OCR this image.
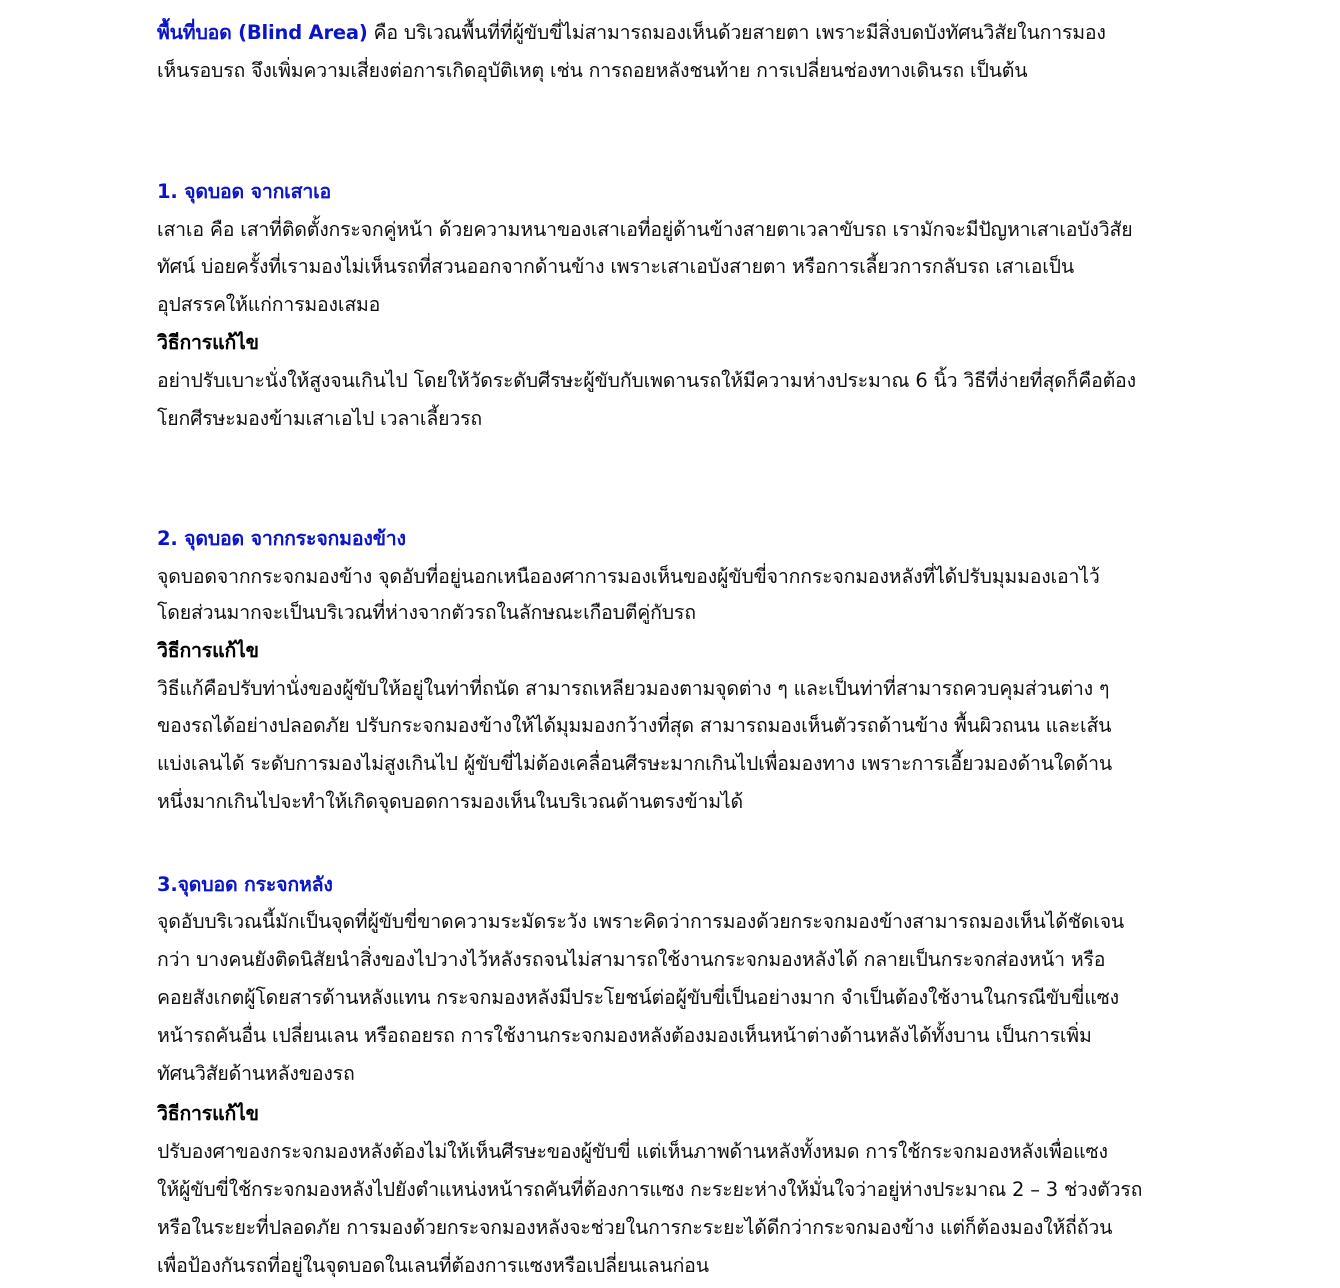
พื้นที่บอด (Blind Area) คือ บริเวณพื้นที่ที่ผู้ขับขี่ไม่สามารถมองเห็นด้วยสายตา เพราะมีสิ่งบดบังทัศนวิสัยในการมอง
เห็นรอบรถ จึงเพิ่มความเสี่ยงต่อการเกิดอุบัติเหตุ เช่น การถอยหลังชนท้าย การเปลี่ยนช่องทางเดินรถ เป็นต้น
1. จุดบอด จากเสาเอ
เสาเอ คือ เสาที่ติดตั้งกระจกคู่หน้า ด้วยความหนาของเสาเอที่อยู่ด้านข้างสายตาเวลาขับรถ เรามักจะมีปัญหาเสาเอบังวิสัย
ทัศน์ บ่อยครั้งที่เรามองไม่เห็นรถที่สวนออกจากด้านข้าง เพราะเสาเอบังสายตา หรือการเลี้ยวการกลับรถ เสาเอเป็น
อุปสรรคให้แก่การมองเสมอ
วิธีการแก้ไข
อย่าปรับเบาะนั่งให้สูงจนเกินไป โดยให้วัดระดับศีรษะผู้ขับกับเพดานรถให้มีความห่างประมาณ 6 นิ้ว วิธีที่ง่ายที่สุดก็คือต้อง
โยกศีรษะมองข้ามเสาเอไป เวลาเลี้ยวรถ
2. จุดบอด จากกระจกมองข้าง
จุดบอดจากกระจกมองข้าง จุดอับที่อยู่นอกเหนือองศาการมองเห็นของผู้ขับขี่จากกระจกมองหลังที่ได้ปรับมุมมองเอาไว้
โดยส่วนมากจะเป็นบริเวณที่ห่างจากตัวรถในลักษณะเกือบตีคู่กับรถ
วิธีการแก้ไข
วิธีแก้คือปรับท่านั่งของผู้ขับให้อยู่ในท่าที่ถนัด สามารถเหลียวมองตามจุดต่าง ๆ และเป็นท่าที่สามารถควบคุมส่วนต่าง ๆ
ของรถได้อย่างปลอดภัย ปรับกระจกมองข้างให้ได้มุมมองกว้างที่สุด สามารถมองเห็นตัวรถด้านข้าง พื้นผิวถนน และเส้น
แบ่งเลนได้ ระดับการมองไม่สูงเกินไป ผู้ขับขี่ไม่ต้องเคลื่อนศีรษะมากเกินไปเพื่อมองทาง เพราะการเอี้ยวมองด้านใดด้าน
หนึ่งมากเกินไปจะทำให้เกิดจุดบอดการมองเห็นในบริเวณด้านตรงข้ามได้
3.จุดบอด กระจกหลัง
จุดอับบริเวณนี้มักเป็นจุดที่ผู้ขับขี่ขาดความระมัดระวัง เพราะคิดว่าการมองด้วยกระจกมองข้างสามารถมองเห็นได้ชัดเจน
กว่า บางคนยังติดนิสัยนำสิ่งของไปวางไว้หลังรถจนไม่สามารถใช้งานกระจกมองหลังได้ กลายเป็นกระจกส่องหน้า หรือ
คอยสังเกตผู้โดยสารด้านหลังแทน กระจกมองหลังมีประโยชน์ต่อผู้ขับขี่เป็นอย่างมาก จำเป็นต้องใช้งานในกรณีขับขี่แซง
หน้ารถคันอื่น เปลี่ยนเลน หรือถอยรถ การใช้งานกระจกมองหลังต้องมองเห็นหน้าต่างด้านหลังได้ทั้งบาน เป็นการเพิ่ม
ทัศนวิสัยด้านหลังของรถ
วิธีการแก้ไข
ปรับองศาของกระจกมองหลังต้องไม่ให้เห็นศีรษะของผู้ขับขี่ แต่เห็นภาพด้านหลังทั้งหมด การใช้กระจกมองหลังเพื่อแซง
ให้ผู้ขับขี่ใช้กระจกมองหลังไปยังตำแหน่งหน้ารถคันที่ต้องการแซง กะระยะห่างให้มั่นใจว่าอยู่ห่างประมาณ 2 – 3 ช่วงตัวรถ
หรือในระยะที่ปลอดภัย การมองด้วยกระจกมองหลังจะช่วยในการกะระยะได้ดีกว่ากระจกมองข้าง แต่ก็ต้องมองให้ถี่ถ้วน
เพื่อป้องกันรถที่อยู่ในจุดบอดในเลนที่ต้องการแซงหรือเปลี่ยนเลนก่อน
